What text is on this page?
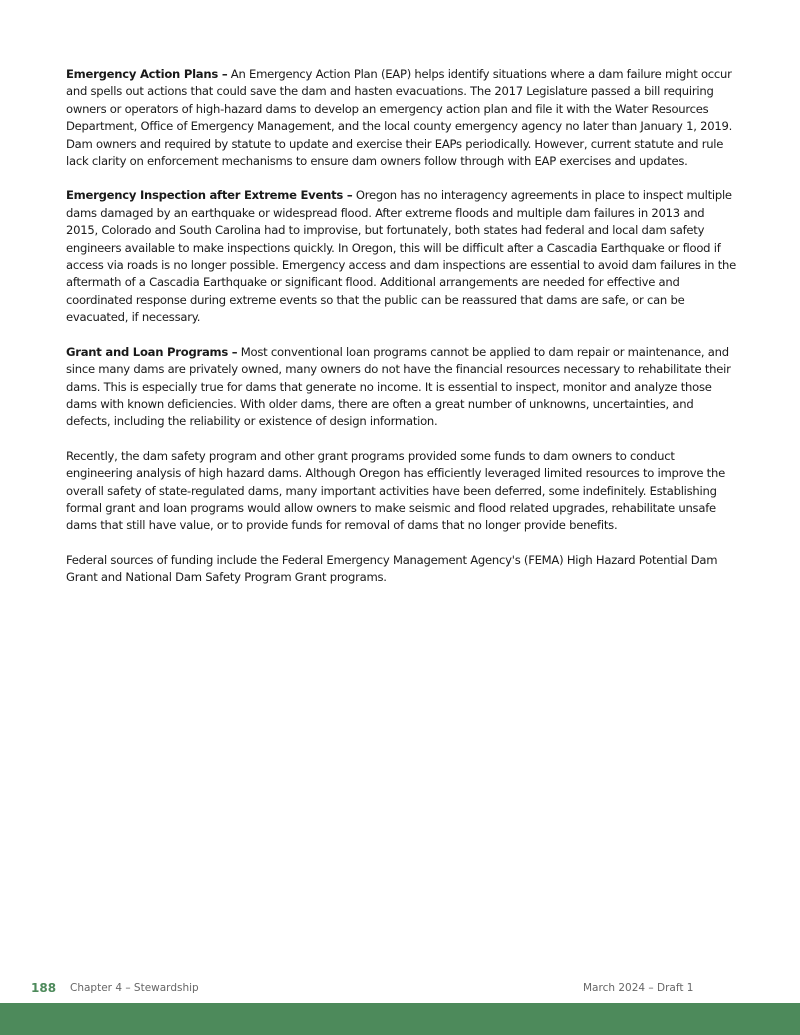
Emergency Action Plans – An Emergency Action Plan (EAP) helps identify situations where a dam failure might occur and spells out actions that could save the dam and hasten evacuations. The 2017 Legislature passed a bill requiring owners or operators of high-hazard dams to develop an emergency action plan and file it with the Water Resources Department, Office of Emergency Management, and the local county emergency agency no later than January 1, 2019. Dam owners and required by statute to update and exercise their EAPs periodically. However, current statute and rule lack clarity on enforcement mechanisms to ensure dam owners follow through with EAP exercises and updates.

Emergency Inspection after Extreme Events – Oregon has no interagency agreements in place to inspect multiple dams damaged by an earthquake or widespread flood. After extreme floods and multiple dam failures in 2013 and 2015, Colorado and South Carolina had to improvise, but fortunately, both states had federal and local dam safety engineers available to make inspections quickly. In Oregon, this will be difficult after a Cascadia Earthquake or flood if access via roads is no longer possible. Emergency access and dam inspections are essential to avoid dam failures in the aftermath of a Cascadia Earthquake or significant flood. Additional arrangements are needed for effective and coordinated response during extreme events so that the public can be reassured that dams are safe, or can be evacuated, if necessary.

Grant and Loan Programs – Most conventional loan programs cannot be applied to dam repair or maintenance, and since many dams are privately owned, many owners do not have the financial resources necessary to rehabilitate their dams. This is especially true for dams that generate no income. It is essential to inspect, monitor and analyze those dams with known deficiencies. With older dams, there are often a great number of unknowns, uncertainties, and defects, including the reliability or existence of design information.

Recently, the dam safety program and other grant programs provided some funds to dam owners to conduct engineering analysis of high hazard dams. Although Oregon has efficiently leveraged limited resources to improve the overall safety of state-regulated dams, many important activities have been deferred, some indefinitely. Establishing formal grant and loan programs would allow owners to make seismic and flood related upgrades, rehabilitate unsafe dams that still have value, or to provide funds for removal of dams that no longer provide benefits.

Federal sources of funding include the Federal Emergency Management Agency's (FEMA) High Hazard Potential Dam Grant and National Dam Safety Program Grant programs.

188 Chapter 4 – Stewardship	March 2024 – Draft 1
